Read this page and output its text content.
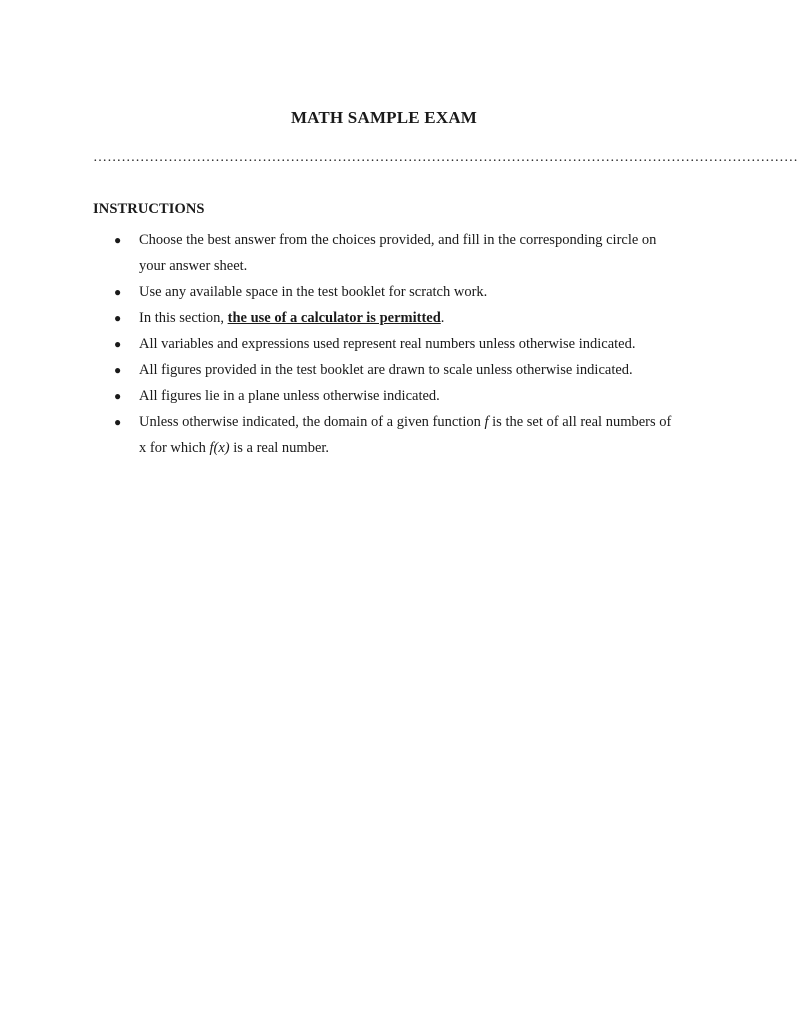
MATH SAMPLE EXAM
……………………………………………………………………………………………………………………………………
INSTRUCTIONS
● Choose the best answer from the choices provided, and fill in the corresponding circle on your answer sheet.
● Use any available space in the test booklet for scratch work.
● In this section, the use of a calculator is permitted.
● All variables and expressions used represent real numbers unless otherwise indicated.
● All figures provided in the test booklet are drawn to scale unless otherwise indicated.
● All figures lie in a plane unless otherwise indicated.
● Unless otherwise indicated, the domain of a given function f is the set of all real numbers of x for which f(x) is a real number.
